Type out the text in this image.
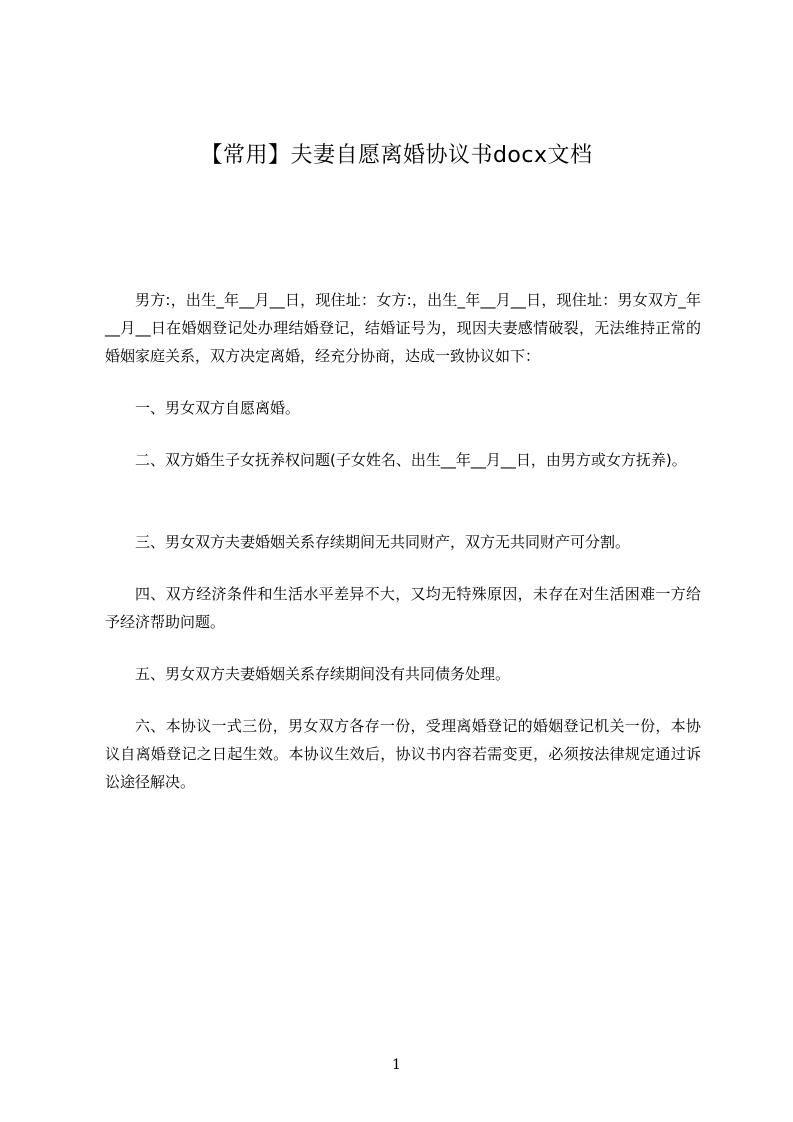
【常用】夫妻自愿离婚协议书docx文档

男方:，出生_年__月__日，现住址：女方:，出生_年__月__日，现住址：男女双方_年__月__日在婚姻登记处办理结婚登记，结婚证号为，现因夫妻感情破裂，无法维持正常的婚姻家庭关系，双方决定离婚，经充分协商，达成一致协议如下：

一、男女双方自愿离婚。

二、双方婚生子女抚养权问题(子女姓名、出生__年__月__日，由男方或女方抚养)。

三、男女双方夫妻婚姻关系存续期间无共同财产，双方无共同财产可分割。

四、双方经济条件和生活水平差异不大，又均无特殊原因，未存在对生活困难一方给予经济帮助问题。

五、男女双方夫妻婚姻关系存续期间没有共同债务处理。

六、本协议一式三份，男女双方各存一份，受理离婚登记的婚姻登记机关一份，本协议自离婚登记之日起生效。本协议生效后，协议书内容若需变更，必须按法律规定通过诉讼途径解决。

1
